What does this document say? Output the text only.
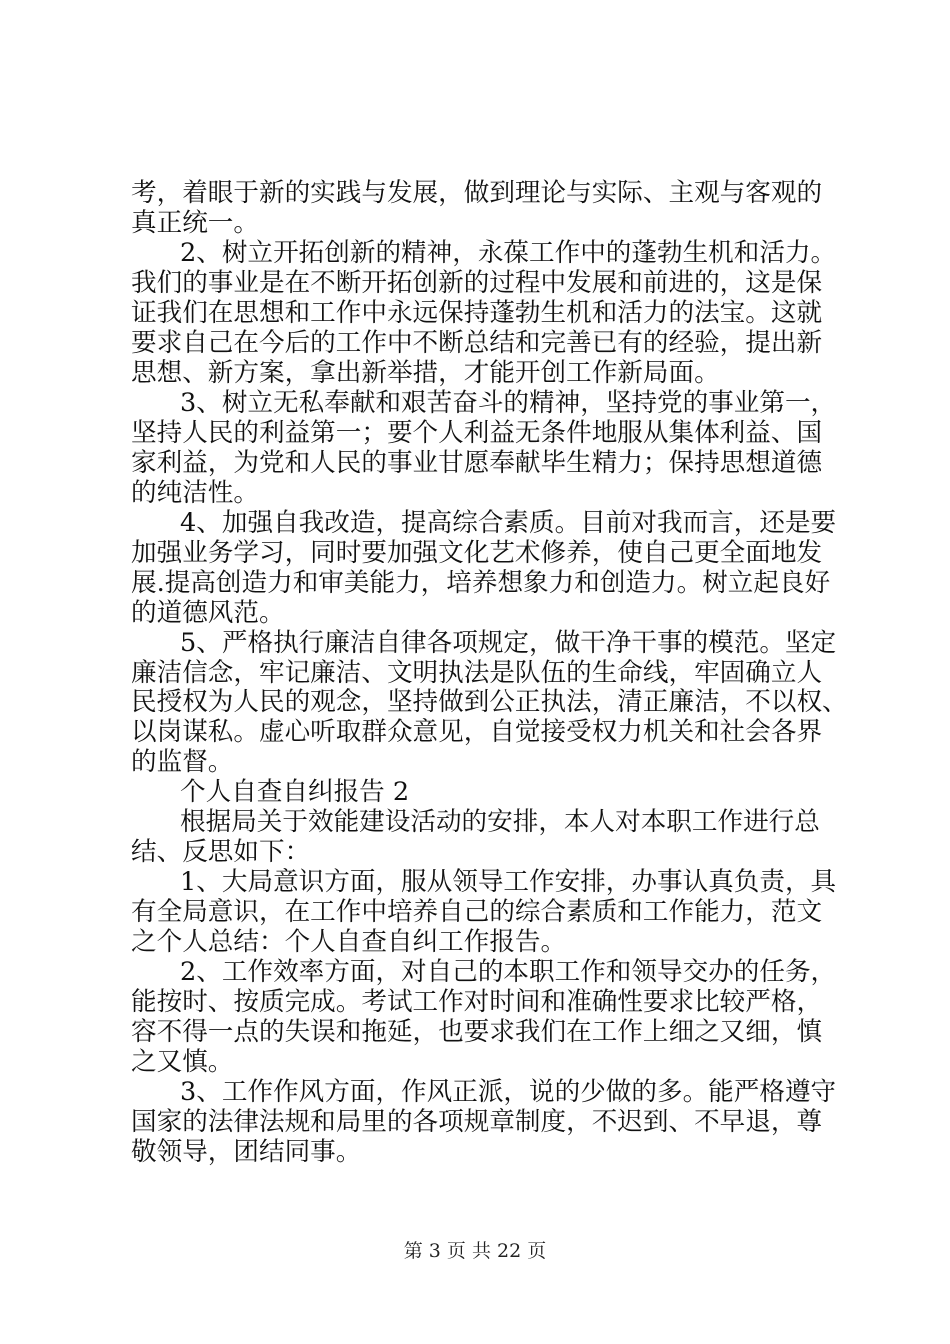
考，着眼于新的实践与发展，做到理论与实际、主观与客观的
真正统一。
2、树立开拓创新的精神，永葆工作中的蓬勃生机和活力。
我们的事业是在不断开拓创新的过程中发展和前进的，这是保
证我们在思想和工作中永远保持蓬勃生机和活力的法宝。这就
要求自己在今后的工作中不断总结和完善已有的经验，提出新
思想、新方案，拿出新举措，才能开创工作新局面。
3、树立无私奉献和艰苦奋斗的精神，坚持党的事业第一，
坚持人民的利益第一；要个人利益无条件地服从集体利益、国
家利益，为党和人民的事业甘愿奉献毕生精力；保持思想道德
的纯洁性。
4、加强自我改造，提高综合素质。目前对我而言，还是要
加强业务学习，同时要加强文化艺术修养，使自己更全面地发
展.提高创造力和审美能力，培养想象力和创造力。树立起良好
的道德风范。
5、严格执行廉洁自律各项规定，做干净干事的模范。坚定
廉洁信念，牢记廉洁、文明执法是队伍的生命线，牢固确立人
民授权为人民的观念，坚持做到公正执法，清正廉洁，不以权、
以岗谋私。虚心听取群众意见，自觉接受权力机关和社会各界
的监督。
个人自查自纠报告 2
根据局关于效能建设活动的安排，本人对本职工作进行总
结、反思如下：
1、大局意识方面，服从领导工作安排，办事认真负责，具
有全局意识，在工作中培养自己的综合素质和工作能力，范文
之个人总结：个人自查自纠工作报告。
2、工作效率方面，对自己的本职工作和领导交办的任务，
能按时、按质完成。考试工作对时间和准确性要求比较严格，
容不得一点的失误和拖延，也要求我们在工作上细之又细，慎
之又慎。
3、工作作风方面，作风正派，说的少做的多。能严格遵守
国家的法律法规和局里的各项规章制度，不迟到、不早退，尊
敬领导，团结同事。
第 3 页 共 22 页
